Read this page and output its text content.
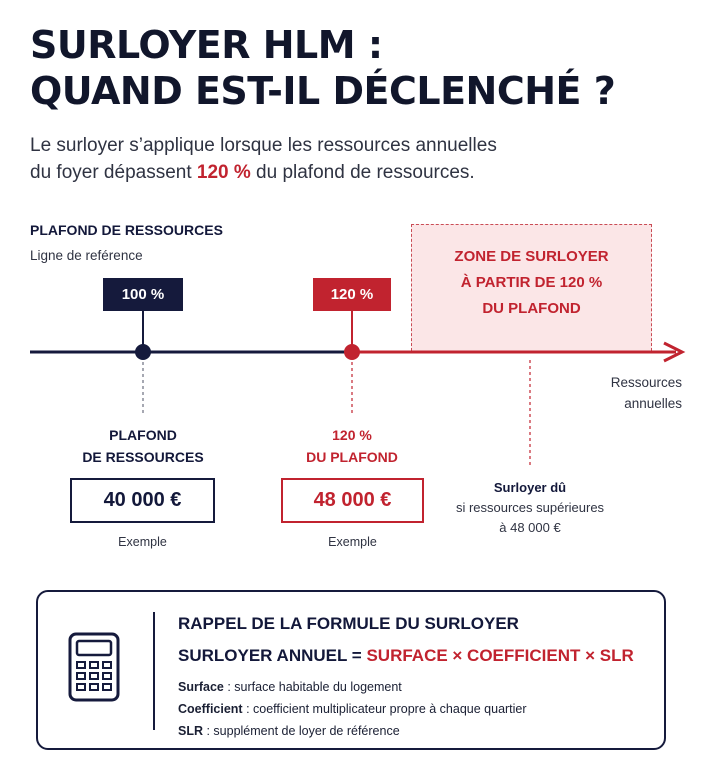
SURLOYER HLM :
QUAND EST-IL DÉCLENCHÉ ?

Le surloyer s’applique lorsque les ressources annuelles
du foyer dépassent 120 % du plafond de ressources.

PLAFOND DE RESSOURCES
Ligne de reférence	ZONE DE SURLOYER
À PARTIR DE 120 %
DU PLAFOND
100 %	120 %
Ressources
annuelles
PLAFOND
DE RESSOURCES
120 %
DU PLAFOND
40 000 €	48 000 €
Exemple	Exemple
Surloyer dû
si ressources supérieures
à 48 000 €
RAPPEL DE LA FORMULE DU SURLOYER
SURLOYER ANNUEL = SURFACE × COEFFICIENT × SLR
Surface : surface habitable du logement
Coefficient : coefficient multiplicateur propre à chaque quartier
SLR : supplément de loyer de référence
